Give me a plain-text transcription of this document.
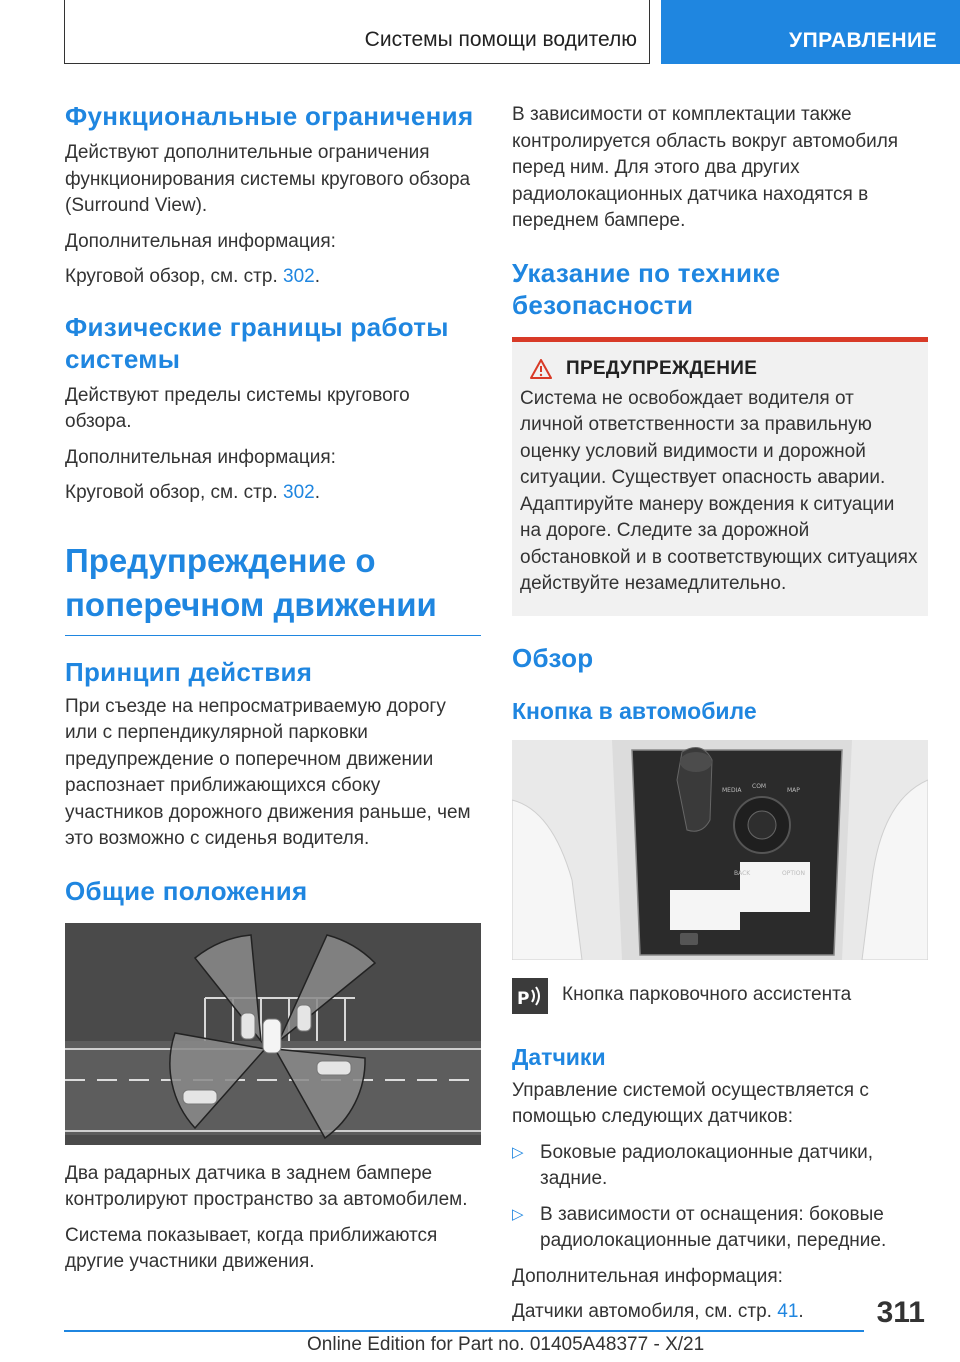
Системы помощи водителю	УПРАВЛЕНИЕ
Функциональные ограничения

Действуют дополнительные ограничения функционирования системы кругового обзора (Surround View).

Дополнительная информация:

Круговой обзор, см. стр. 302.

Физические границы работы системы

Действуют пределы системы кругового обзора.

Дополнительная информация:

Круговой обзор, см. стр. 302.

Предупреждение о поперечном движении
Принцип действия

При съезде на непросматриваемую дорогу или с перпендикулярной парковки предупреждение о поперечном движении распознает приближающихся сбоку участников дорожного движения раньше, чем это возможно с сиденья водителя.

Общие положения

Два радарных датчика в заднем бампере контролируют пространство за автомобилем.

Система показывает, когда приближаются другие участники движения.

В зависимости от комплектации также контролируется область вокруг автомобиля перед ним. Для этого два других радиолокационных датчика находятся в переднем бампере.

Указание по технике безопасности
ПРЕДУПРЕЖДЕНИЕ

Система не освобождает водителя от личной ответственности за правильную оценку условий видимости и дорожной ситуации. Существует опасность аварии. Адаптируйте манеру вождения к ситуации на дороге. Следите за дорожной обстановкой и в соответствующих ситуациях действуйте незамедлительно.

Обзор
Кнопка в автомобиле
MEDIA
COM
MAP
BACK	OPTION
P Кнопка парковочного ассистента

Датчики

Управление системой осуществляется с помощью следующих датчиков:

▷ Боковые радиолокационные датчики, задние.

▷ В зависимости от оснащения: боковые радиолокационные датчики, передние.

Дополнительная информация:

Датчики автомобиля, см. стр. 41.	311
Online Edition for Part no. 01405A48377 - X/21
